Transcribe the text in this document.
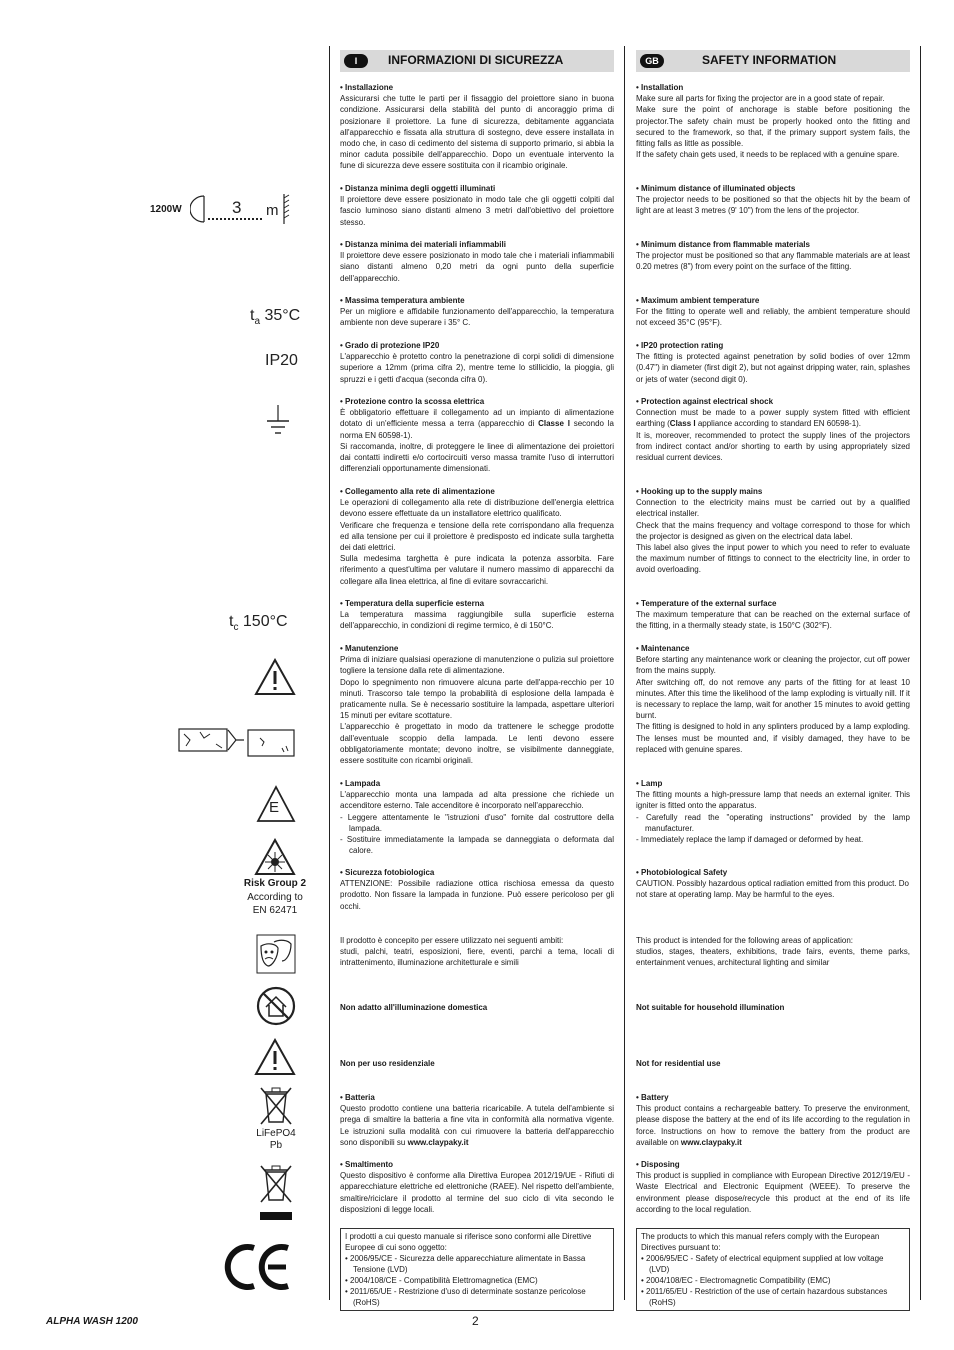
1200W	3 m
$t_a$ 35°C
IP20
$t_c$ 150°C
E
Risk Group 2
According to
EN 62471
LiFePO4
Pb
I	INFORMAZIONI DI SICUREZZA
• Installazione
Assicurarsi che tutte le parti per il fissaggio del proiettore siano in buona condizione. Assicurarsi della stabilità del punto di ancoraggio prima di posizionare il proiettore. La fune di sicurezza, debitamente agganciata all'apparecchio e fissata alla struttura di sostegno, deve essere installata in modo che, in caso di cedimento del sistema di supporto primario, si abbia la minor caduta possibile dell'apparecchio. Dopo un eventuale intervento la fune di sicurezza deve essere sostituita con il ricambio originale.
• Distanza minima degli oggetti illuminati
Il proiettore deve essere posizionato in modo tale che gli oggetti colpiti dal fascio luminoso siano distanti almeno 3 metri dall'obiettivo del proiettore stesso.
• Distanza minima dei materiali infiammabili
Il proiettore deve essere posizionato in modo tale che i materiali infiammabili siano distanti almeno 0,20 metri da ogni punto della superficie dell'apparecchio.
• Massima temperatura ambiente
Per un migliore e affidabile funzionamento dell'apparecchio, la temperatura ambiente non deve superare i 35° C.
• Grado di protezione IP20
L'apparecchio è protetto contro la penetrazione di corpi solidi di dimensione superiore a 12mm (prima cifra 2), mentre teme lo stillicidio, la pioggia, gli spruzzi e i getti d'acqua (seconda cifra 0).
• Protezione contro la scossa elettrica
È obbligatorio effettuare il collegamento ad un impianto di alimentazione dotato di un'efficiente messa a terra (apparecchio di Classe I secondo la norma EN 60598-1).
Si raccomanda, inoltre, di proteggere le linee di alimentazione dei proiettori dai contatti indiretti e/o cortocircuiti verso massa tramite l'uso di interruttori differenziali opportunamente dimensionati.
• Collegamento alla rete di alimentazione
Le operazioni di collegamento alla rete di distribuzione dell'energia elettrica devono essere effettuate da un installatore elettrico qualificato.
Verificare che frequenza e tensione della rete corrispondano alla frequenza ed alla tensione per cui il proiettore è predisposto ed indicate sulla targhetta dei dati elettrici.
Sulla medesima targhetta è pure indicata la potenza assorbita. Fare riferimento a quest'ultima per valutare il numero massimo di apparecchi da collegare alla linea elettrica, al fine di evitare sovraccarichi.
• Temperatura della superficie esterna
La temperatura massima raggiungibile sulla superficie esterna dell'apparecchio, in condizioni di regime termico, è di 150°C.
• Manutenzione
Prima di iniziare qualsiasi operazione di manutenzione o pulizia sul proiettore togliere la tensione dalla rete di alimentazione.
Dopo lo spegnimento non rimuovere alcuna parte dell'appa-recchio per 10 minuti. Trascorso tale tempo la probabilità di esplosione della lampada è praticamente nulla. Se è necessario sostituire la lampada, aspettare ulteriori 15 minuti per evitare scottature.
L'apparecchio è progettato in modo da trattenere le schegge prodotte dall'eventuale scoppio della lampada. Le lenti devono essere obbligatoriamente montate; devono inoltre, se visibilmente danneggiate, essere sostituite con ricambi originali.
• Lampada
L'apparecchio monta una lampada ad alta pressione che richiede un accenditore esterno. Tale accenditore è incorporato nell'apparecchio.
- Leggere attentamente le "istruzioni d'uso" fornite dal costruttore della lampada.
- Sostituire immediatamente la lampada se danneggiata o deformata dal calore.
• Sicurezza fotobiologica
ATTENZIONE: Possibile radiazione ottica rischiosa emessa da questo prodotto. Non fissare la lampada in funzione. Può essere pericoloso per gli occhi.
Il prodotto è concepito per essere utilizzato nei seguenti ambiti:
studi, palchi, teatri, esposizioni, fiere, eventi, parchi a tema, locali di intrattenimento, illuminazione architetturale e simili
Non adatto all'illuminazione domestica
Non per uso residenziale
• Batteria
Questo prodotto contiene una batteria ricaricabile. A tutela dell'ambiente si prega di smaltire la batteria a fine vita in conformità alla normativa vigente. Le istruzioni sulla modalità con cui rimuovere la batteria dell'apparecchio sono disponibili su www.claypaky.it
• Smaltimento
Questo dispositivo è conforme alla Direttiva Europea 2012/19/UE - Rifiuti di apparecchiature elettriche ed elettroniche (RAEE). Nel rispetto dell'ambiente, smaltire/riciclare il prodotto al termine del suo ciclo di vita secondo le disposizioni di legge locali.
I prodotti a cui questo manuale si riferisce sono conformi alle Direttive Europee di cui sono oggetto:
• 2006/95/CE - Sicurezza delle apparecchiature alimentate in Bassa Tensione (LVD)
• 2004/108/CE - Compatibilità Elettromagnetica (EMC)
• 2011/65/UE - Restrizione d'uso di determinate sostanze pericolose (RoHS)
GB	SAFETY INFORMATION
• Installation
Make sure all parts for fixing the projector are in a good state of repair.
Make sure the point of anchorage is stable before positioning the projector.The safety chain must be properly hooked onto the fitting and secured to the framework, so that, if the primary support system fails, the fitting falls as little as possible.
If the safety chain gets used, it needs to be replaced with a genuine spare.
• Minimum distance of illuminated objects
The projector needs to be positioned so that the objects hit by the beam of light are at least 3 metres (9' 10") from the lens of the projector.
• Minimum distance from flammable materials
The projector must be positioned so that any flammable materials are at least 0.20 metres (8") from every point on the surface of the fitting.
• Maximum ambient temperature
For the fitting to operate well and reliably, the ambient temperature should not exceed 35°C (95°F).
• IP20 protection rating
The fitting is protected against penetration by solid bodies of over 12mm (0.47") in diameter (first digit 2), but not against dripping water, rain, splashes or jets of water (second digit 0).
• Protection against electrical shock
Connection must be made to a power supply system fitted with efficient earthing (Class I appliance according to standard EN 60598-1).
It is, moreover, recommended to protect the supply lines of the projectors from indirect contact and/or shorting to earth by using appropriately sized residual current devices.
• Hooking up to the supply mains
Connection to the electricity mains must be carried out by a qualified electrical installer.
Check that the mains frequency and voltage correspond to those for which the projector is designed as given on the electrical data label.
This label also gives the input power to which you need to refer to evaluate the maximum number of fittings to connect to the electricity line, in order to avoid overloading.
• Temperature of the external surface
The maximum temperature that can be reached on the external surface of the fitting, in a thermally steady state, is 150°C (302°F).
• Maintenance
Before starting any maintenance work or cleaning the projector, cut off power from the mains supply.
After switching off, do not remove any parts of the fitting for at least 10 minutes. After this time the likelihood of the lamp exploding is virtually nill. If it is necessary to replace the lamp, wait for another 15 minutes to avoid getting burnt.
The fitting is designed to hold in any splinters produced by a lamp exploding. The lenses must be mounted and, if visibly damaged, they have to be replaced with genuine spares.
• Lamp
The fitting mounts a high-pressure lamp that needs an external igniter. This igniter is fitted onto the apparatus.
- Carefully read the "operating instructions" provided by the lamp manufacturer.
- Immediately replace the lamp if damaged or deformed by heat.
• Photobiological Safety
CAUTION. Possibly hazardous optical radiation emitted from this product. Do not stare at operating lamp. May be harmful to the eyes.
This product is intended for the following areas of application:
studios, stages, theaters, exhibitions, trade fairs, events, theme parks, entertainment venues, architectural lighting and similar
Not suitable for household illumination
Not for residential use
• Battery
This product contains a rechargeable battery. To preserve the environment, please dispose the battery at the end of its life according to the regulation in force. Instructions on how to remove the battery from the product are available on www.claypaky.it
• Disposing
This product is supplied in compliance with European Directive 2012/19/EU - Waste Electrical and Electronic Equipment (WEEE). To preserve the environment please dispose/recycle this product at the end of its life according to the local regulation.
The products to which this manual refers comply with the European Directives pursuant to:
• 2006/95/EC - Safety of electrical equipment supplied at low voltage (LVD)
• 2004/108/EC - Electromagnetic Compatibility (EMC)
• 2011/65/EU - Restriction of the use of certain hazardous substances (RoHS)
ALPHA WASH 1200	2
